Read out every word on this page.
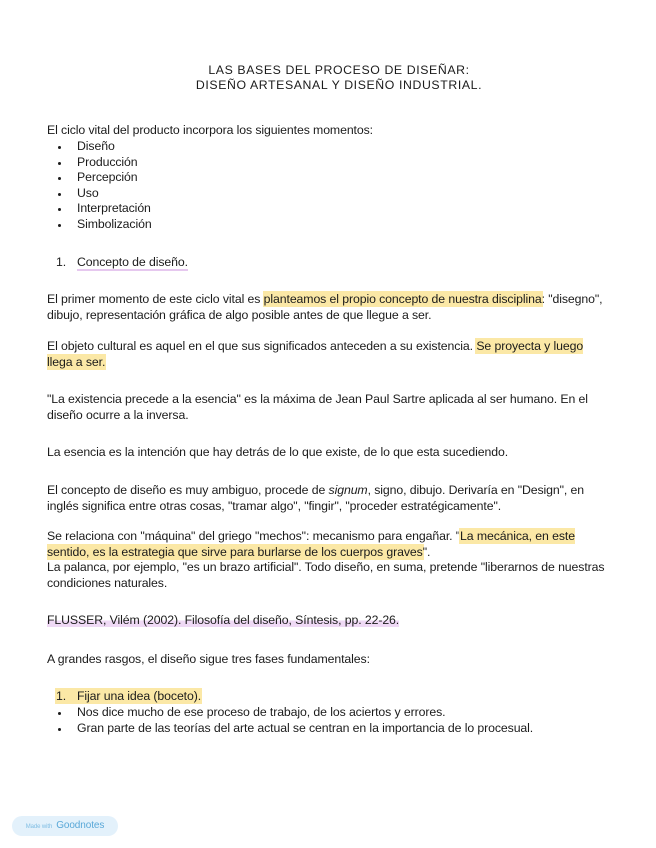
LAS BASES DEL PROCESO DE DISEÑAR:
DISEÑO ARTESANAL Y DISEÑO INDUSTRIAL.

El ciclo vital del producto incorpora los siguientes momentos:

Diseño
Producción
Percepción
Uso
Interpretación
Simbolización
1. Concepto de diseño.

El primer momento de este ciclo vital es planteamos el propio concepto de nuestra disciplina: "disegno", dibujo, representación gráfica de algo posible antes de que llegue a ser.

El objeto cultural es aquel en el que sus significados anteceden a su existencia. Se proyecta y luego llega a ser.

"La existencia precede a la esencia" es la máxima de Jean Paul Sartre aplicada al ser humano. En el diseño ocurre a la inversa.

La esencia es la intención que hay detrás de lo que existe, de lo que esta sucediendo.

El concepto de diseño es muy ambiguo, procede de signum, signo, dibujo. Derivaría en "Design", en inglés significa entre otras cosas, "tramar algo", "fingir", "proceder estratégicamente".

Se relaciona con "máquina" del griego "mechos": mecanismo para engañar. "La mecánica, en este sentido, es la estrategia que sirve para burlarse de los cuerpos graves".

La palanca, por ejemplo, "es un brazo artificial". Todo diseño, en suma, pretende "liberarnos de nuestras condiciones naturales.

FLUSSER, Vilém (2002). Filosofía del diseño, Síntesis, pp. 22-26.

A grandes rasgos, el diseño sigue tres fases fundamentales:

1. Fijar una idea (boceto).
Nos dice mucho de ese proceso de trabajo, de los aciertos y errores.
Gran parte de las teorías del arte actual se centran en la importancia de lo procesual.
Made with Goodnotes
